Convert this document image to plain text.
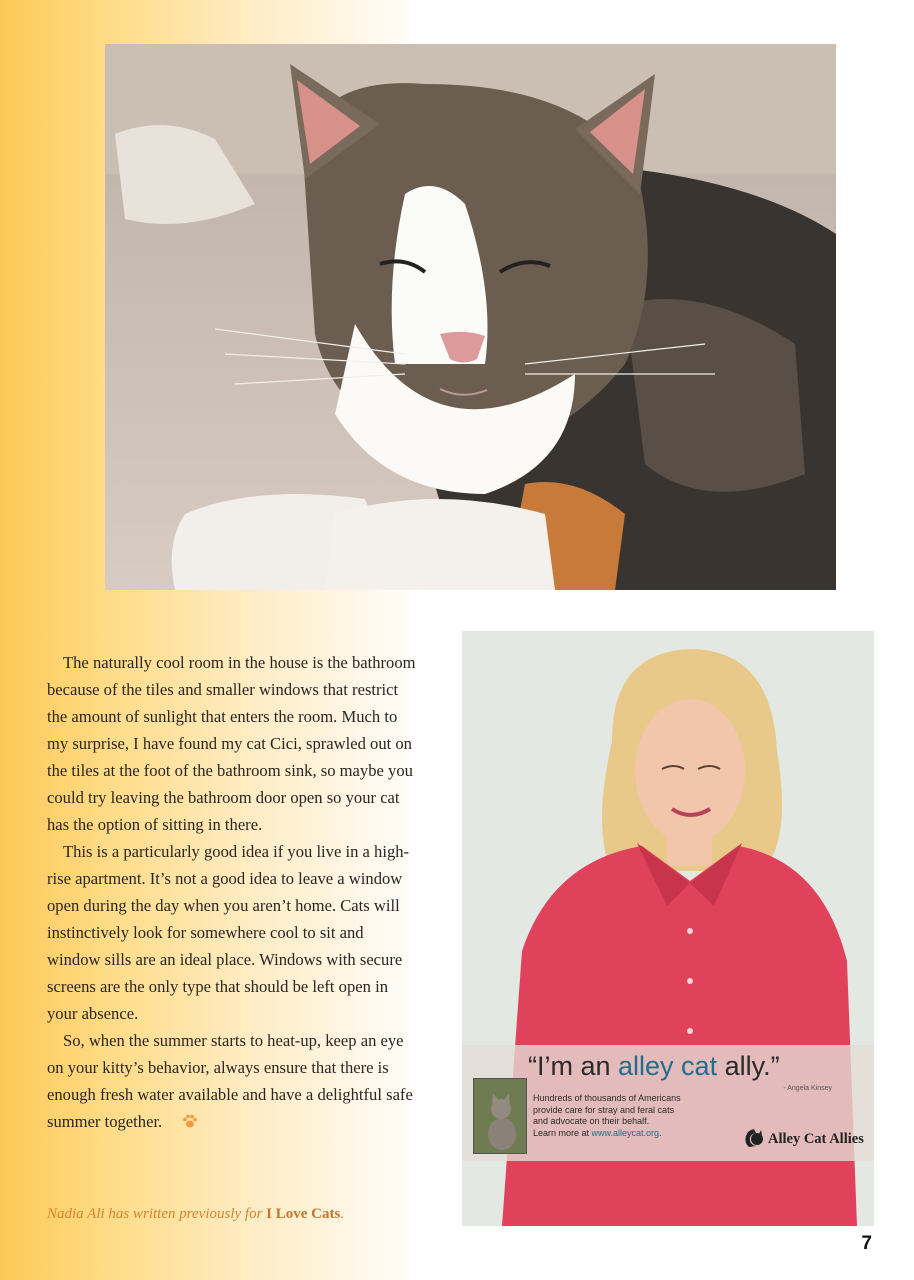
The naturally cool room in the house is the bathroom because of the tiles and smaller windows that restrict the amount of sunlight that enters the room. Much to my surprise, I have found my cat Cici, sprawled out on the tiles at the foot of the bathroom sink, so maybe you could try leaving the bathroom door open so your cat has the option of sitting in there.

This is a particularly good idea if you live in a high-rise apartment. It’s not a good idea to leave a window open during the day when you aren’t home. Cats will instinctively look for somewhere cool to sit and window sills are an ideal place. Windows with secure screens are the only type that should be left open in your absence.

So, when the summer starts to heat-up, keep an eye on your kitty’s behavior, always ensure that there is enough fresh water available and have a delightful safe summer together.

Nadia Ali has written previously for I Love Cats.
“I’m an alley cat ally.”
- Angela Kinsey
Hundreds of thousands of Americans
provide care for stray and feral cats
and advocate on their behalf.
Learn more at www.alleycat.org.	Alley Cat Allies
7
